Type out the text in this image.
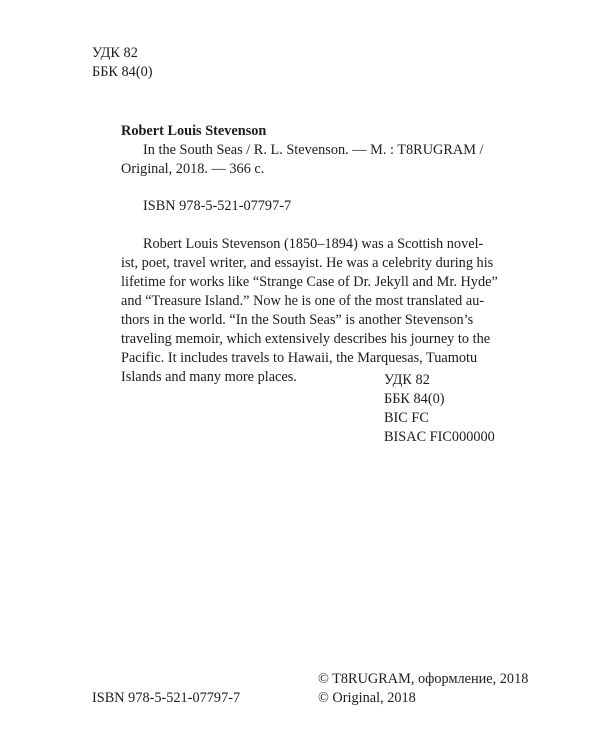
УДК 82
ББК 84(0)
Robert Louis Stevenson
In the South Seas / R. L. Stevenson. — M. : T8RUGRAM /
Original, 2018. — 366 с.
ISBN 978-5-521-07797-7
Robert Louis Stevenson (1850–1894) was a Scottish novel-
ist, poet, travel writer, and essayist. He was a celebrity during his
lifetime for works like “Strange Case of Dr. Jekyll and Mr. Hyde”
and “Treasure Island.” Now he is one of the most translated au-
thors in the world. “In the South Seas” is another Stevenson’s
traveling memoir, which extensively describes his journey to the
Pacific. It includes travels to Hawaii, the Marquesas, Tuamotu
Islands and many more places.	УДК 82
ББК 84(0)
BIC FC
BISAC FIC000000
ISBN 978-5-521-07797-7
© T8RUGRAM, оформление, 2018
© Original, 2018
